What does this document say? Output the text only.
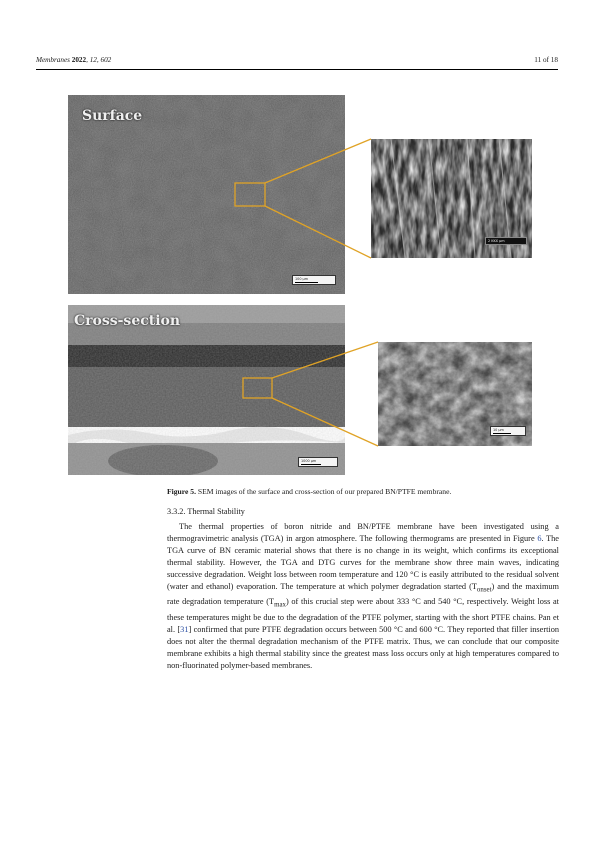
Membranes 2022, 12, 602	11 of 18
Surface
100 µm
2 KKX µm
Cross-section
1000 µm
10 µm
Figure 5. SEM images of the surface and cross-section of our prepared BN/PTFE membrane.
3.3.2. Thermal Stability

The thermal properties of boron nitride and BN/PTFE membrane have been investigated using a thermogravimetric analysis (TGA) in argon atmosphere. The following thermograms are presented in Figure 6. The TGA curve of BN ceramic material shows that there is no change in its weight, which confirms its exceptional thermal stability. However, the TGA and DTG curves for the membrane show three main waves, indicating successive degradation. Weight loss between room temperature and 120 °C is easily attributed to the residual solvent (water and ethanol) evaporation. The temperature at which polymer degradation started $(T_{onset})$ and the maximum rate degradation temperature $(T_{max})$ of this crucial step were about 333 °C and 540 °C, respectively. Weight loss at these temperatures might be due to the degradation of the PTFE polymer, starting with the short PTFE chains. Pan et al. [31] confirmed that pure PTFE degradation occurs between 500 °C and 600 °C. They reported that filler insertion does not alter the thermal degradation mechanism of the PTFE matrix. Thus, we can conclude that our composite membrane exhibits a high thermal stability since the greatest mass loss occurs only at high temperatures compared to non-fluorinated polymer-based membranes.
